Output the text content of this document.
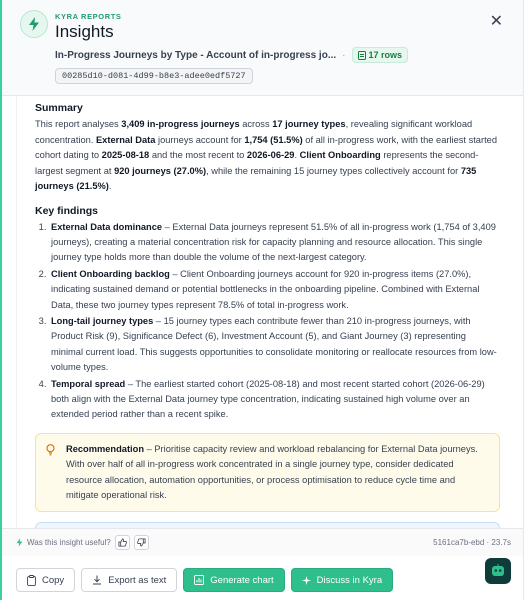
KYRA REPORTS
Insights
✕
In-Progress Journeys by Type - Account of in-progress jo... ·	17 rows
00285d10-d081-4d99-b8e3-adee0edf5727
Summary

This report analyses 3,409 in-progress journeys across 17 journey types, revealing significant workload concentration. External Data journeys account for 1,754 (51.5%) of all in-progress work, with the earliest started cohort dating to 2025-08-18 and the most recent to 2026-06-29. Client Onboarding represents the second-largest segment at 920 journeys (27.0%), while the remaining 15 journey types collectively account for 735 journeys (21.5%).

Key findings
1. External Data dominance – External Data journeys represent 51.5% of all in-progress work (1,754 of 3,409 journeys), creating a material concentration risk for capacity planning and resource allocation. This single journey type holds more than double the volume of the next-largest category.
2. Client Onboarding backlog – Client Onboarding journeys account for 920 in-progress items (27.0%), indicating sustained demand or potential bottlenecks in the onboarding pipeline. Combined with External Data, these two journey types represent 78.5% of total in-progress work.
3. Long-tail journey types – 15 journey types each contribute fewer than 210 in-progress journeys, with Product Risk (9), Significance Defect (6), Investment Account (5), and Giant Journey (3) representing minimal current load. This suggests opportunities to consolidate monitoring or reallocate resources from low-volume types.
4. Temporal spread – The earliest started cohort (2025-08-18) and most recent started cohort (2026-06-29) both align with the External Data journey type concentration, indicating sustained high volume over an extended period rather than a recent spike.
Recommendation – Prioritise capacity review and workload rebalancing for External Data journeys. With over half of all in-progress work concentrated in a single journey type, consider dedicated resource allocation, automation opportunities, or process optimisation to reduce cycle time and mitigate operational risk.
Was this insight useful?	5161ca7b-ebd · 23.7s
Copy	Export as text	Generate chart	Discuss in Kyra
